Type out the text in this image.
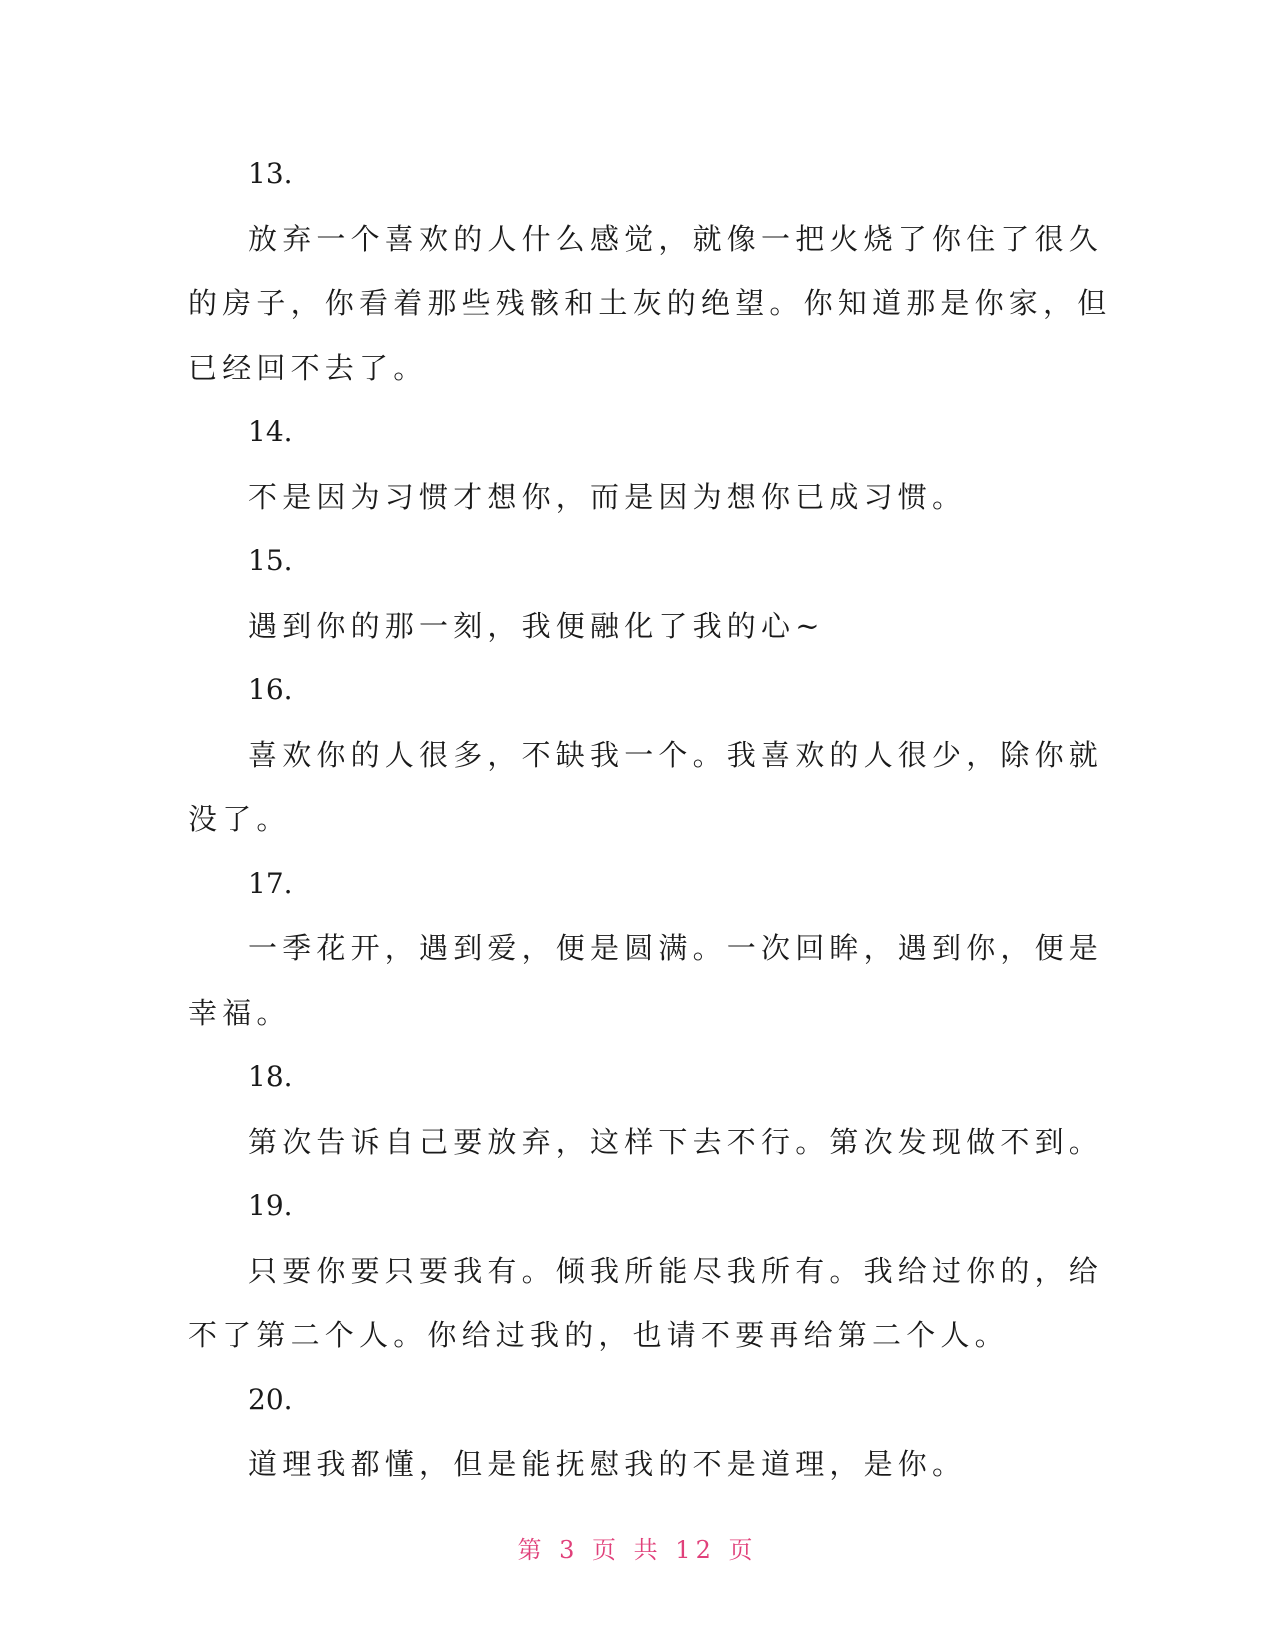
13.
放弃一个喜欢的人什么感觉，就像一把火烧了你住了很久
的房子，你看着那些残骸和土灰的绝望。你知道那是你家，但
已经回不去了。
14.
不是因为习惯才想你，而是因为想你已成习惯。
15.
遇到你的那一刻，我便融化了我的心~
16.
喜欢你的人很多，不缺我一个。我喜欢的人很少，除你就
没了。
17.
一季花开，遇到爱，便是圆满。一次回眸，遇到你，便是
幸福。
18.
第次告诉自己要放弃，这样下去不行。第次发现做不到。
19.
只要你要只要我有。倾我所能尽我所有。我给过你的，给
不了第二个人。你给过我的，也请不要再给第二个人。
20.
道理我都懂，但是能抚慰我的不是道理，是你。
第 3 页 共 12 页
